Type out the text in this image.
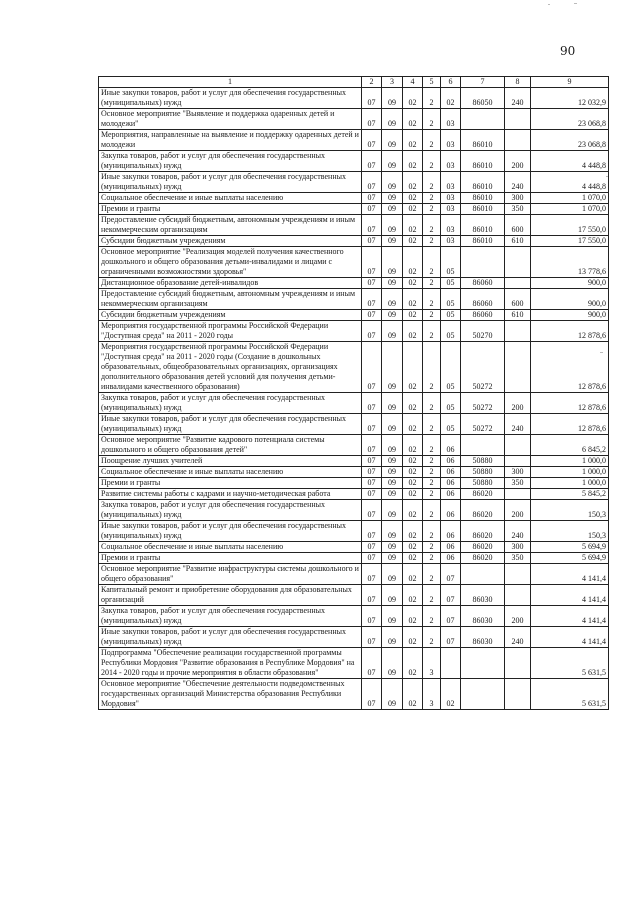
90
1	2	3	4	5	6	7	8	9
Иные закупки товаров, работ и услуг для обеспечения государственных (муниципальных) нужд	07	09	02	2	02	86050	240	12 032,9
Основное мероприятие "Выявление и поддержка одаренных детей и молодежи"	07	09	02	2	03			23 068,8
Мероприятия, направленные на выявление и поддержку одаренных детей и молодежи	07	09	02	2	03	86010		23 068,8
Закупка товаров, работ и услуг для обеспечения государственных (муниципальных) нужд	07	09	02	2	03	86010	200	4 448,8
Иные закупки товаров, работ и услуг для обеспечения государственных (муниципальных) нужд	07	09	02	2	03	86010	240	4 448,8
Социальное обеспечение и иные выплаты населению	07	09	02	2	03	86010	300	1 070,0
Премии и гранты	07	09	02	2	03	86010	350	1 070,0
Предоставление субсидий бюджетным, автономным учреждениям и иным некоммерческим организациям	07	09	02	2	03	86010	600	17 550,0
Субсидии бюджетным учреждениям	07	09	02	2	03	86010	610	17 550,0
Основное мероприятие "Реализация моделей получения качественного дошкольного и общего образования детьми-инвалидами и лицами с ограниченными возможностями здоровья"	07	09	02	2	05			13 778,6
Дистанционное образование детей-инвалидов	07	09	02	2	05	86060		900,0
Предоставление субсидий бюджетным, автономным учреждениям и иным некоммерческим организациям	07	09	02	2	05	86060	600	900,0
Субсидии бюджетным учреждениям	07	09	02	2	05	86060	610	900,0
Мероприятия государственной программы Российской Федерации "Доступная среда" на 2011 - 2020 годы	07	09	02	2	05	50270		12 878,6
Мероприятия государственной программы Российской Федерации "Доступная среда" на 2011 - 2020 годы (Создание в дошкольных образовательных, общеобразовательных организациях, организациях дополнительного образования детей условий для получения детьми-инвалидами качественного образования)	07	09	02	2	05	50272		12 878,6
Закупка товаров, работ и услуг для обеспечения государственных (муниципальных) нужд	07	09	02	2	05	50272	200	12 878,6
Иные закупки товаров, работ и услуг для обеспечения государственных (муниципальных) нужд	07	09	02	2	05	50272	240	12 878,6
Основное мероприятие "Развитие кадрового потенциала системы дошкольного и общего образования детей"	07	09	02	2	06			6 845,2
Поощрение лучших учителей	07	09	02	2	06	50880		1 000,0
Социальное обеспечение и иные выплаты населению	07	09	02	2	06	50880	300	1 000,0
Премии и гранты	07	09	02	2	06	50880	350	1 000,0
Развитие системы работы с кадрами и научно-методическая работа	07	09	02	2	06	86020		5 845,2
Закупка товаров, работ и услуг для обеспечения государственных (муниципальных) нужд	07	09	02	2	06	86020	200	150,3
Иные закупки товаров, работ и услуг для обеспечения государственных (муниципальных) нужд	07	09	02	2	06	86020	240	150,3
Социальное обеспечение и иные выплаты населению	07	09	02	2	06	86020	300	5 694,9
Премии и гранты	07	09	02	2	06	86020	350	5 694,9
Основное мероприятие "Развитие инфраструктуры системы дошкольного и общего образования"	07	09	02	2	07			4 141,4
Капитальный ремонт и приобретение оборудования для образовательных организаций	07	09	02	2	07	86030		4 141,4
Закупка товаров, работ и услуг для обеспечения государственных (муниципальных) нужд	07	09	02	2	07	86030	200	4 141,4
Иные закупки товаров, работ и услуг для обеспечения государственных (муниципальных) нужд	07	09	02	2	07	86030	240	4 141,4
Подпрограмма "Обеспечение реализации государственной программы Республики Мордовия "Развитие образования в Республике Мордовия" на 2014 - 2020 годы и прочие мероприятия в области образования"	07	09	02	3				5 631,5
Основное мероприятие "Обеспечение деятельности подведомственных государственных организаций Министерства образования Республики Мордовия"	07	09	02	3	02			5 631,5
